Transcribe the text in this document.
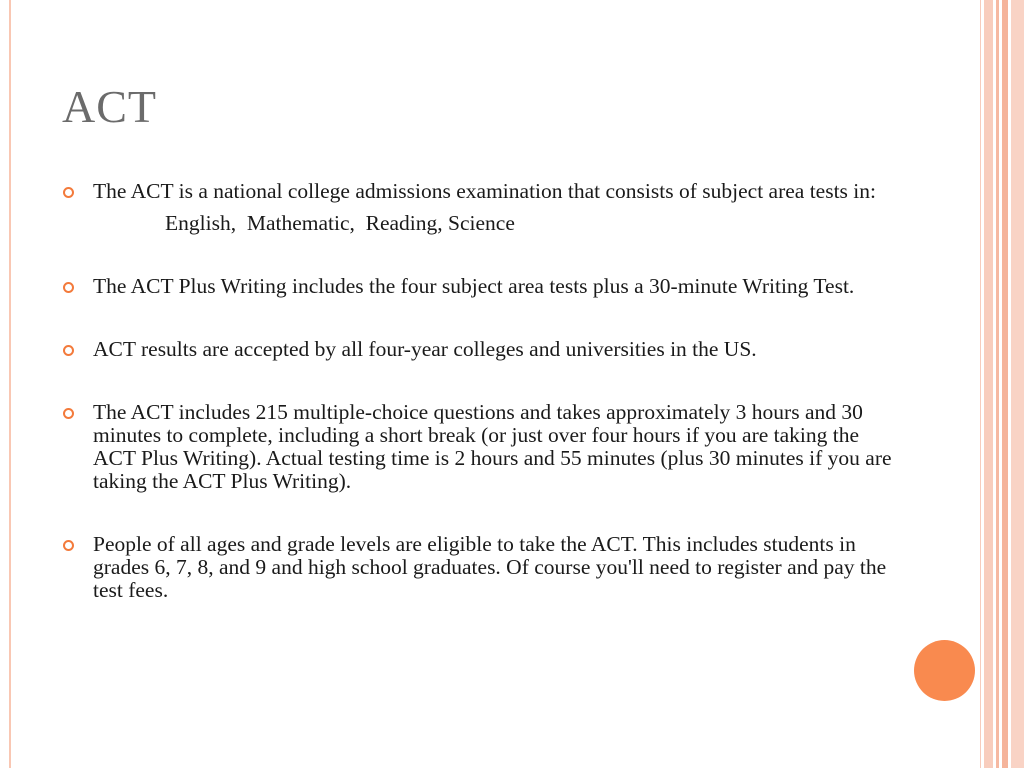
ACT
The ACT is a national college admissions examination that consists of subject area tests in:
English,  Mathematic,  Reading, Science
The ACT Plus Writing includes the four subject area tests plus a 30-minute Writing Test.
ACT results are accepted by all four-year colleges and universities in the US.
The ACT includes 215 multiple-choice questions and takes approximately 3 hours and 30 minutes to complete, including a short break (or just over four hours if you are taking the ACT Plus Writing). Actual testing time is 2 hours and 55 minutes (plus 30 minutes if you are taking the ACT Plus Writing).
People of all ages and grade levels are eligible to take the ACT. This includes students in grades 6, 7, 8, and 9 and high school graduates. Of course you'll need to register and pay the test fees.
